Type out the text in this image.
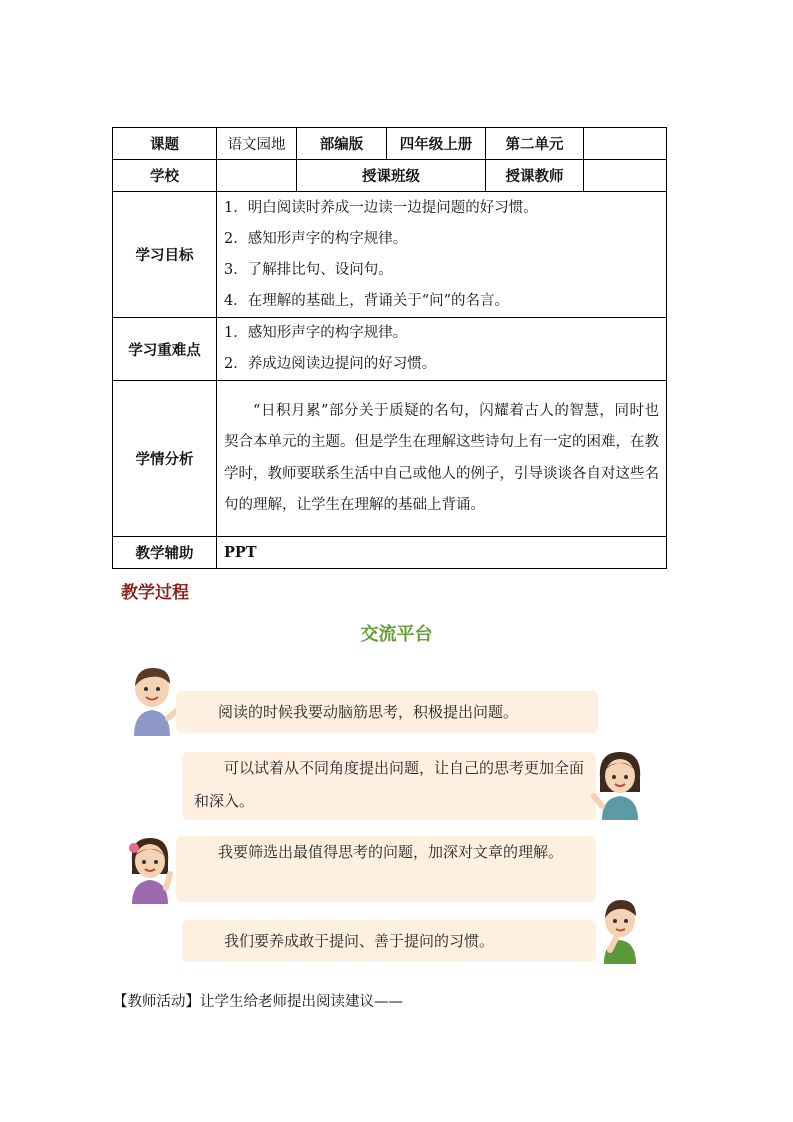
课题	语文园地	部编版	四年级上册	第二单元	
学校		授课班级		授课教师	
学习目标	1．明白阅读时养成一边读一边提问题的好习惯。
2．感知形声字的构字规律。
3．了解排比句、设问句。
4．在理解的基础上，背诵关于“问”的名言。				

学习重难点	1．感知形声字的构字规律。
2．养成边阅读边提问的好习惯。				

学情分析	“日积月累”部分关于质疑的名句，闪耀着古人的智慧，同时也契合本单元的主题。但是学生在理解这些诗句上有一定的困难，在教学时，教师要联系生活中自己或他人的例子，引导谈谈各自对这些名句的理解，让学生在理解的基础上背诵。				

教学辅助	PPT				
教学过程
交流平台
阅读的时候我要动脑筋思考，积极提出问题。
可以试着从不同角度提出问题，让自己的思考更加全面和深入。
我要筛选出最值得思考的问题，加深对文章的理解。
我们要养成敢于提问、善于提问的习惯。
【教师活动】让学生给老师提出阅读建议——
